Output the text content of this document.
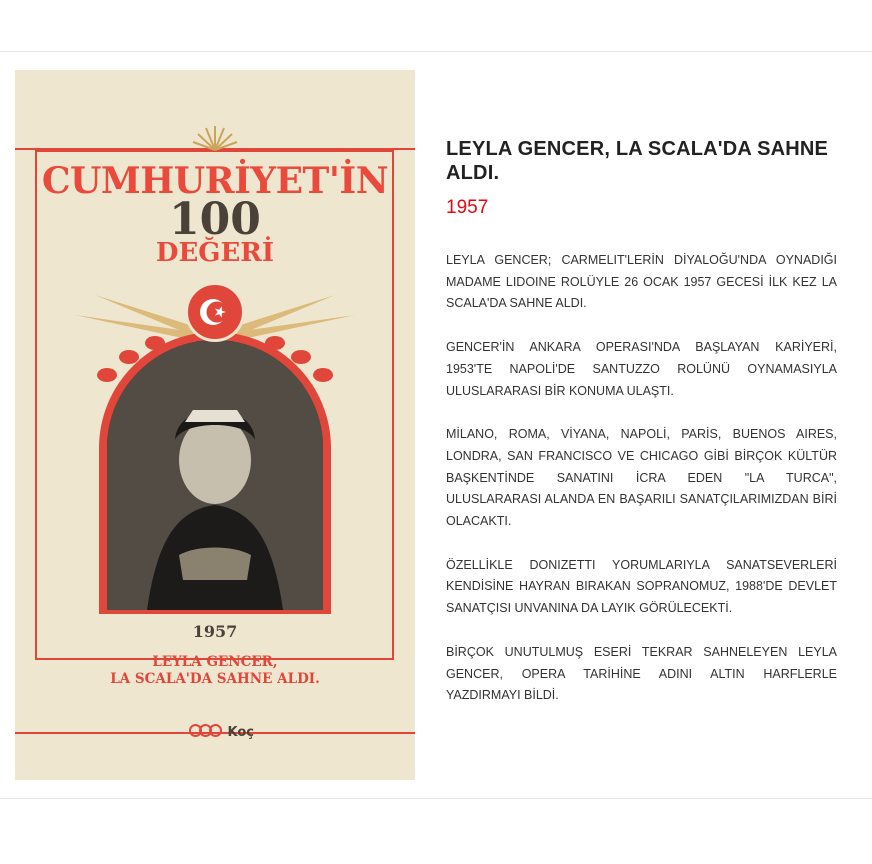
CUMHURİYET'İN
100
DEĞERİ
1957
LEYLA GENCER,
LA SCALA'DA SAHNE ALDI.
Koç
LEYLA GENCER, LA SCALA'DA SAHNE ALDI.
1957

LEYLA GENCER; CARMELIT'LERİN DİYALOĞU'NDA OYNADIĞI MADAME LIDOINE ROLÜYLE 26 OCAK 1957 GECESİ İLK KEZ LA SCALA'DA SAHNE ALDI.

GENCER'İN ANKARA OPERASI'NDA BAŞLAYAN KARİYERİ, 1953'TE NAPOLİ'DE SANTUZZO ROLÜNÜ OYNAMASIYLA ULUSLARARASI BİR KONUMA ULAŞTI.

MİLANO, ROMA, VİYANA, NAPOLİ, PARİS, BUENOS AIRES, LONDRA, SAN FRANCISCO VE CHICAGO GİBİ BİRÇOK KÜLTÜR BAŞKENTİNDE SANATINI İCRA EDEN "LA TURCA", ULUSLARARASI ALANDA EN BAŞARILI SANATÇILARIMIZDAN BİRİ OLACAKTI.

ÖZELLİKLE DONIZETTI YORUMLARIYLA SANATSEVERLERİ KENDİSİNE HAYRAN BIRAKAN SOPRANOMUZ, 1988'DE DEVLET SANATÇISI UNVANINA DA LAYIK GÖRÜLECEKTİ.

BİRÇOK UNUTULMUŞ ESERİ TEKRAR SAHNELEYEN LEYLA GENCER, OPERA TARİHİNE ADINI ALTIN HARFLERLE YAZDIRMAYI BİLDİ.
